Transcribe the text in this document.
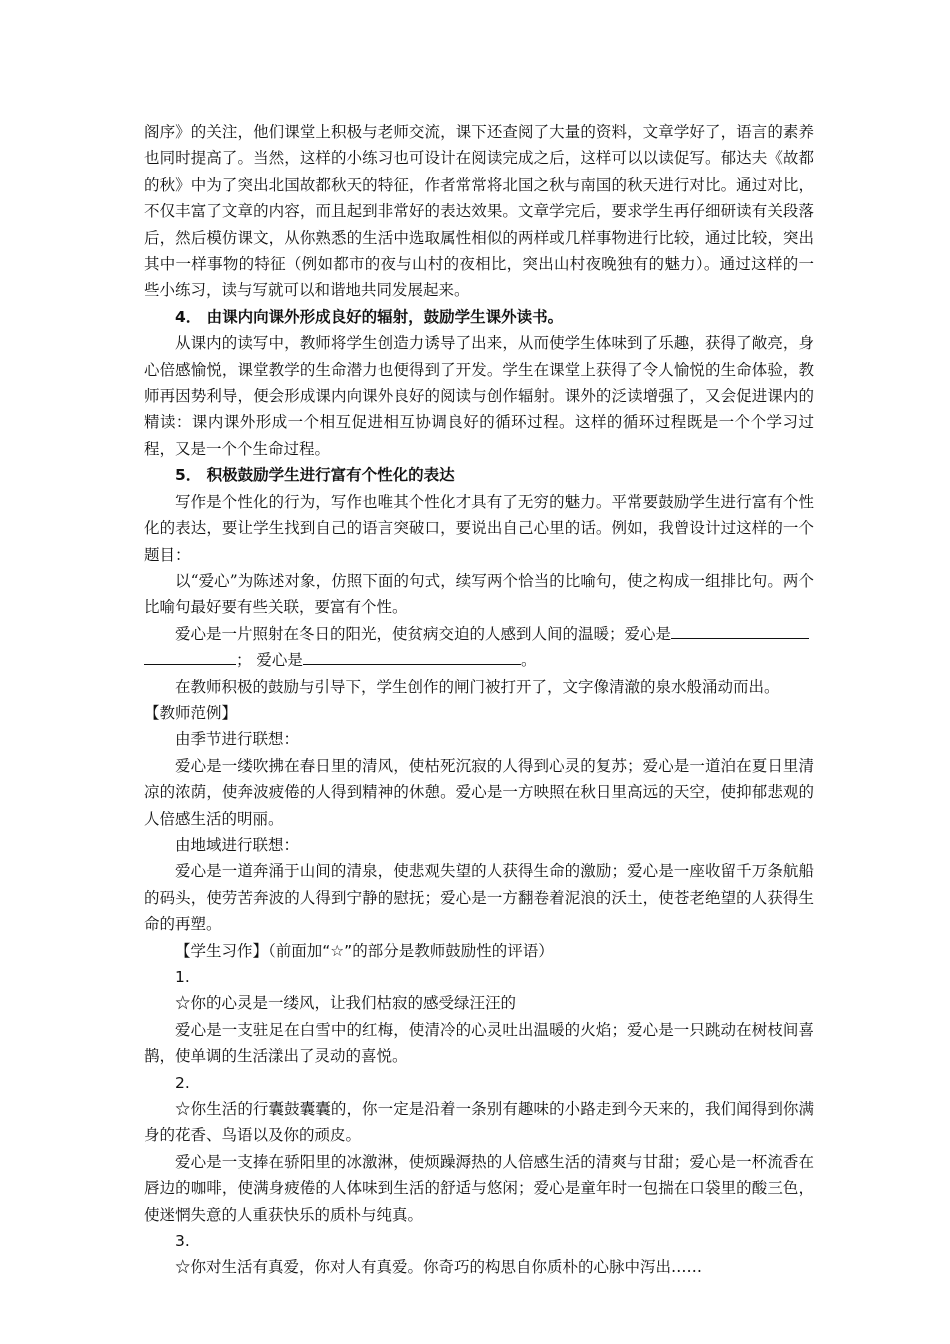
阁序》的关注，他们课堂上积极与老师交流，课下还查阅了大量的资料，文章学好了，语言的素养也同时提高了。当然，这样的小练习也可设计在阅读完成之后，这样可以以读促写。郁达夫《故都的秋》中为了突出北国故都秋天的特征，作者常常将北国之秋与南国的秋天进行对比。通过对比，不仅丰富了文章的内容，而且起到非常好的表达效果。文章学完后，要求学生再仔细研读有关段落后，然后模仿课文，从你熟悉的生活中选取属性相似的两样或几样事物进行比较，通过比较，突出其中一样事物的特征（例如都市的夜与山村的夜相比，突出山村夜晚独有的魅力）。通过这样的一些小练习，读与写就可以和谐地共同发展起来。

4． 由课内向课外形成良好的辐射，鼓励学生课外读书。

从课内的读写中，教师将学生创造力诱导了出来，从而使学生体味到了乐趣，获得了敞亮，身心倍感愉悦，课堂教学的生命潜力也便得到了开发。学生在课堂上获得了令人愉悦的生命体验，教师再因势利导，便会形成课内向课外良好的阅读与创作辐射。课外的泛读增强了，又会促进课内的精读：课内课外形成一个相互促进相互协调良好的循环过程。这样的循环过程既是一个个学习过程，又是一个个生命过程。

5． 积极鼓励学生进行富有个性化的表达

写作是个性化的行为，写作也唯其个性化才具有了无穷的魅力。平常要鼓励学生进行富有个性化的表达，要让学生找到自己的语言突破口，要说出自己心里的话。例如，我曾设计过这样的一个题目：

以“爱心”为陈述对象，仿照下面的句式，续写两个恰当的比喻句，使之构成一组排比句。两个比喻句最好要有些关联，要富有个性。

爱心是一片照射在冬日的阳光，使贫病交迫的人感到人间的温暖；爱心是
； 爱心是	。

在教师积极的鼓励与引导下，学生创作的闸门被打开了，文字像清澈的泉水般涌动而出。

【教师范例】

由季节进行联想：

爱心是一缕吹拂在春日里的清风，使枯死沉寂的人得到心灵的复苏；爱心是一道泊在夏日里清凉的浓荫，使奔波疲倦的人得到精神的休憩。爱心是一方映照在秋日里高远的天空，使抑郁悲观的人倍感生活的明丽。

由地域进行联想：

爱心是一道奔涌于山间的清泉，使悲观失望的人获得生命的激励；爱心是一座收留千万条航船的码头，使劳苦奔波的人得到宁静的慰抚；爱心是一方翻卷着泥浪的沃土，使苍老绝望的人获得生命的再塑。

【学生习作】（前面加“☆”的部分是教师鼓励性的评语）

1.

☆你的心灵是一缕风，让我们枯寂的感受绿汪汪的

爱心是一支驻足在白雪中的红梅，使清冷的心灵吐出温暖的火焰；爱心是一只跳动在树枝间喜鹊，使单调的生活漾出了灵动的喜悦。

2.

☆你生活的行囊鼓囊囊的，你一定是沿着一条别有趣味的小路走到今天来的，我们闻得到你满身的花香、鸟语以及你的顽皮。

爱心是一支捧在骄阳里的冰激淋，使烦躁溽热的人倍感生活的清爽与甘甜；爱心是一杯流香在唇边的咖啡，使满身疲倦的人体味到生活的舒适与悠闲；爱心是童年时一包揣在口袋里的酸三色，使迷惘失意的人重获快乐的质朴与纯真。

3.

☆你对生活有真爱，你对人有真爱。你奇巧的构思自你质朴的心脉中泻出……
